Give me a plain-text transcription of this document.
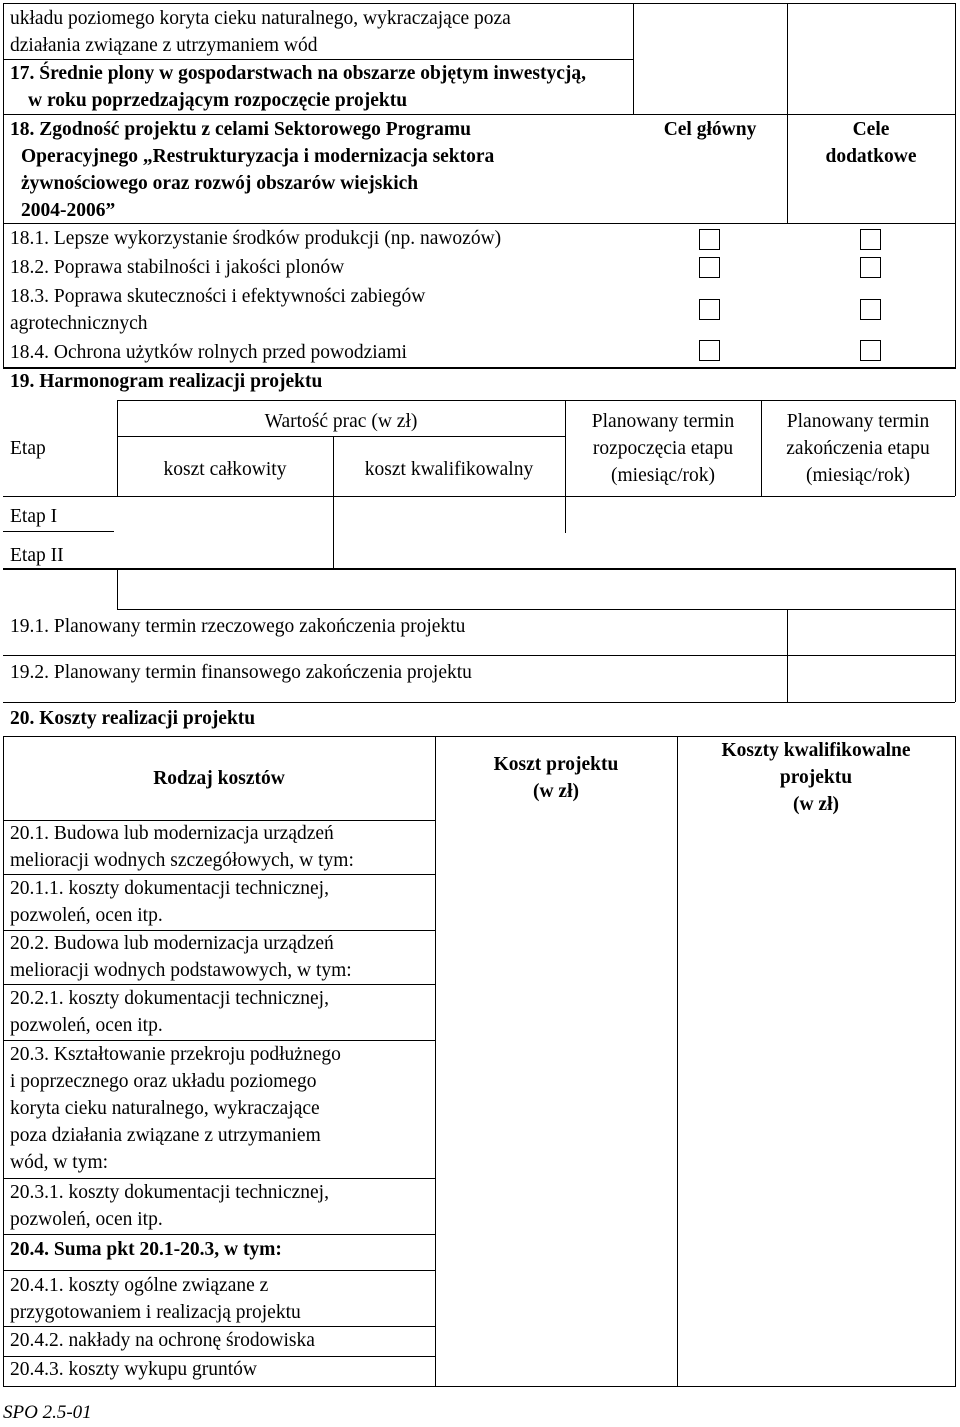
układu poziomego koryta cieku naturalnego, wykraczające poza
działania związane z utrzymaniem wód
17. Średnie plony w gospodarstwach na obszarze objętym inwestycją,
w roku poprzedzającym rozpoczęcie projektu
18. Zgodność projektu z celami Sektorowego Programu
Operacyjnego „Restrukturyzacja i modernizacja sektora
żywnościowego oraz rozwój obszarów wiejskich
2004-2006”
Cel główny	Cele
dodatkowe
18.1. Lepsze wykorzystanie środków produkcji (np. nawozów)
18.2. Poprawa stabilności i jakości plonów
18.3. Poprawa skuteczności i efektywności zabiegów
agrotechnicznych
18.4. Ochrona użytków rolnych przed powodziami
19. Harmonogram realizacji projektu
Etap
Wartość prac (w zł)
koszt całkowity	koszt kwalifikowalny
Planowany termin
rozpoczęcia etapu
(miesiąc/rok)
Planowany termin
zakończenia etapu
(miesiąc/rok)
Etap I
Etap II
19.1. Planowany termin rzeczowego zakończenia projektu
19.2. Planowany termin finansowego zakończenia projektu
20. Koszty realizacji projektu
Rodzaj kosztów
Koszt projektu
(w zł)
Koszty kwalifikowalne
projektu
(w zł)
20.1. Budowa lub modernizacja urządzeń
melioracji wodnych szczegółowych, w tym:
20.1.1. koszty dokumentacji technicznej,
pozwoleń, ocen itp.
20.2. Budowa lub modernizacja urządzeń
melioracji wodnych podstawowych, w tym:
20.2.1. koszty dokumentacji technicznej,
pozwoleń, ocen itp.
20.3. Kształtowanie przekroju podłużnego
i poprzecznego oraz układu poziomego
koryta cieku naturalnego, wykraczające
poza działania związane z utrzymaniem
wód, w tym:
20.3.1. koszty dokumentacji technicznej,
pozwoleń, ocen itp.
20.4. Suma pkt 20.1-20.3, w tym:
20.4.1. koszty ogólne związane z
przygotowaniem i realizacją projektu
20.4.2. nakłady na ochronę środowiska
20.4.3. koszty wykupu gruntów
SPO 2.5-01
